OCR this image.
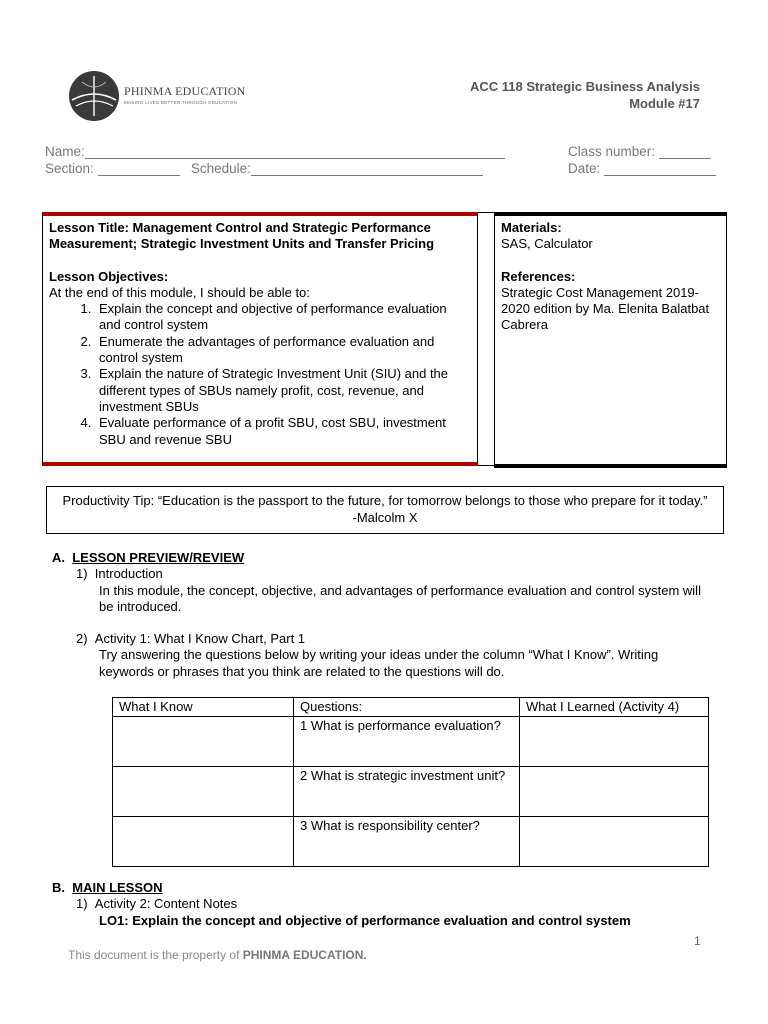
PHINMA EDUCATION
MAKING LIVES BETTER THROUGH EDUCATION
ACC 118 Strategic Business Analysis
Module #17
Name:
Section:	Schedule:
Class number:
Date:
Lesson Title: Management Control and Strategic Performance Measurement; Strategic Investment Units and Transfer Pricing
Lesson Objectives:
At the end of this module, I should be able to:
1. Explain the concept and objective of performance evaluation and control system
2. Enumerate the advantages of performance evaluation and control system
3. Explain the nature of Strategic Investment Unit (SIU) and the different types of SBUs namely profit, cost, revenue, and investment SBUs
4. Evaluate performance of a profit SBU, cost SBU, investment SBU and revenue SBU
Materials:
SAS, Calculator
References:
Strategic Cost Management 2019-2020 edition by Ma. Elenita Balatbat Cabrera
Productivity Tip: “Education is the passport to the future, for tomorrow belongs to those who prepare for it today.” -Malcolm X
A. LESSON PREVIEW/REVIEW
1) Introduction
In this module, the concept, objective, and advantages of performance evaluation and control system will be introduced.
2) Activity 1: What I Know Chart, Part 1
Try answering the questions below by writing your ideas under the column “What I Know”. Writing keywords or phrases that you think are related to the questions will do.
What I Know	Questions:	What I Learned (Activity 4)
	1 What is performance evaluation?	
	2 What is strategic investment unit?	
	3 What is responsibility center?	
B. MAIN LESSON
1) Activity 2: Content Notes
LO1: Explain the concept and objective of performance evaluation and control system
1
This document is the property of PHINMA EDUCATION.
